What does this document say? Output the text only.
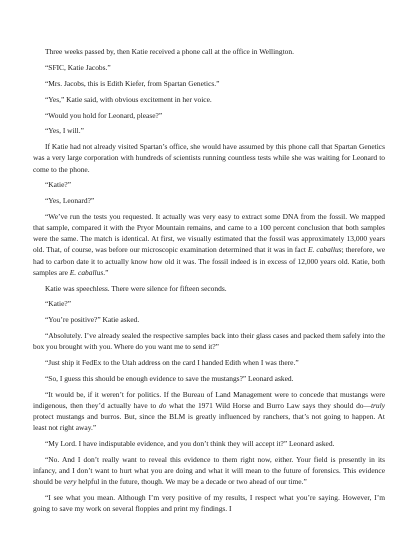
Three weeks passed by, then Katie received a phone call at the office in Wellington.

“SFIC, Katie Jacobs.”

“Mrs. Jacobs, this is Edith Kiefer, from Spartan Genetics.”

“Yes,” Katie said, with obvious excitement in her voice.

“Would you hold for Leonard, please?”

“Yes, I will.”

If Katie had not already visited Spartan’s office, she would have assumed by this phone call that Spartan Genetics was a very large corporation with hundreds of scientists running countless tests while she was waiting for Leonard to come to the phone.

“Katie?”

“Yes, Leonard?”

“We’ve run the tests you requested. It actually was very easy to extract some DNA from the fossil. We mapped that sample, compared it with the Pryor Mountain remains, and came to a 100 percent conclusion that both samples were the same. The match is identical. At first, we visually estimated that the fossil was approximately 13,000 years old. That, of course, was before our microscopic examination determined that it was in fact E. caballus; therefore, we had to carbon date it to actually know how old it was. The fossil indeed is in excess of 12,000 years old. Katie, both samples are E. caballus.”

Katie was speechless. There were silence for fifteen seconds.

“Katie?”

“You’re positive?” Katie asked.

“Absolutely. I’ve already sealed the respective samples back into their glass cases and packed them safely into the box you brought with you. Where do you want me to send it?”

“Just ship it FedEx to the Utah address on the card I handed Edith when I was there.”

“So, I guess this should be enough evidence to save the mustangs?” Leonard asked.

“It would be, if it weren’t for politics. If the Bureau of Land Management were to concede that mustangs were indigenous, then they’d actually have to do what the 1971 Wild Horse and Burro Law says they should do—truly protect mustangs and burros. But, since the BLM is greatly influenced by ranchers, that’s not going to happen. At least not right away.”

“My Lord. I have indisputable evidence, and you don’t think they will accept it?” Leonard asked.

“No. And I don’t really want to reveal this evidence to them right now, either. Your field is presently in its infancy, and I don’t want to hurt what you are doing and what it will mean to the future of forensics. This evidence should be very helpful in the future, though. We may be a decade or two ahead of our time.”

“I see what you mean. Although I’m very positive of my results, I respect what you’re saying. However, I’m going to save my work on several floppies and print my findings. I
